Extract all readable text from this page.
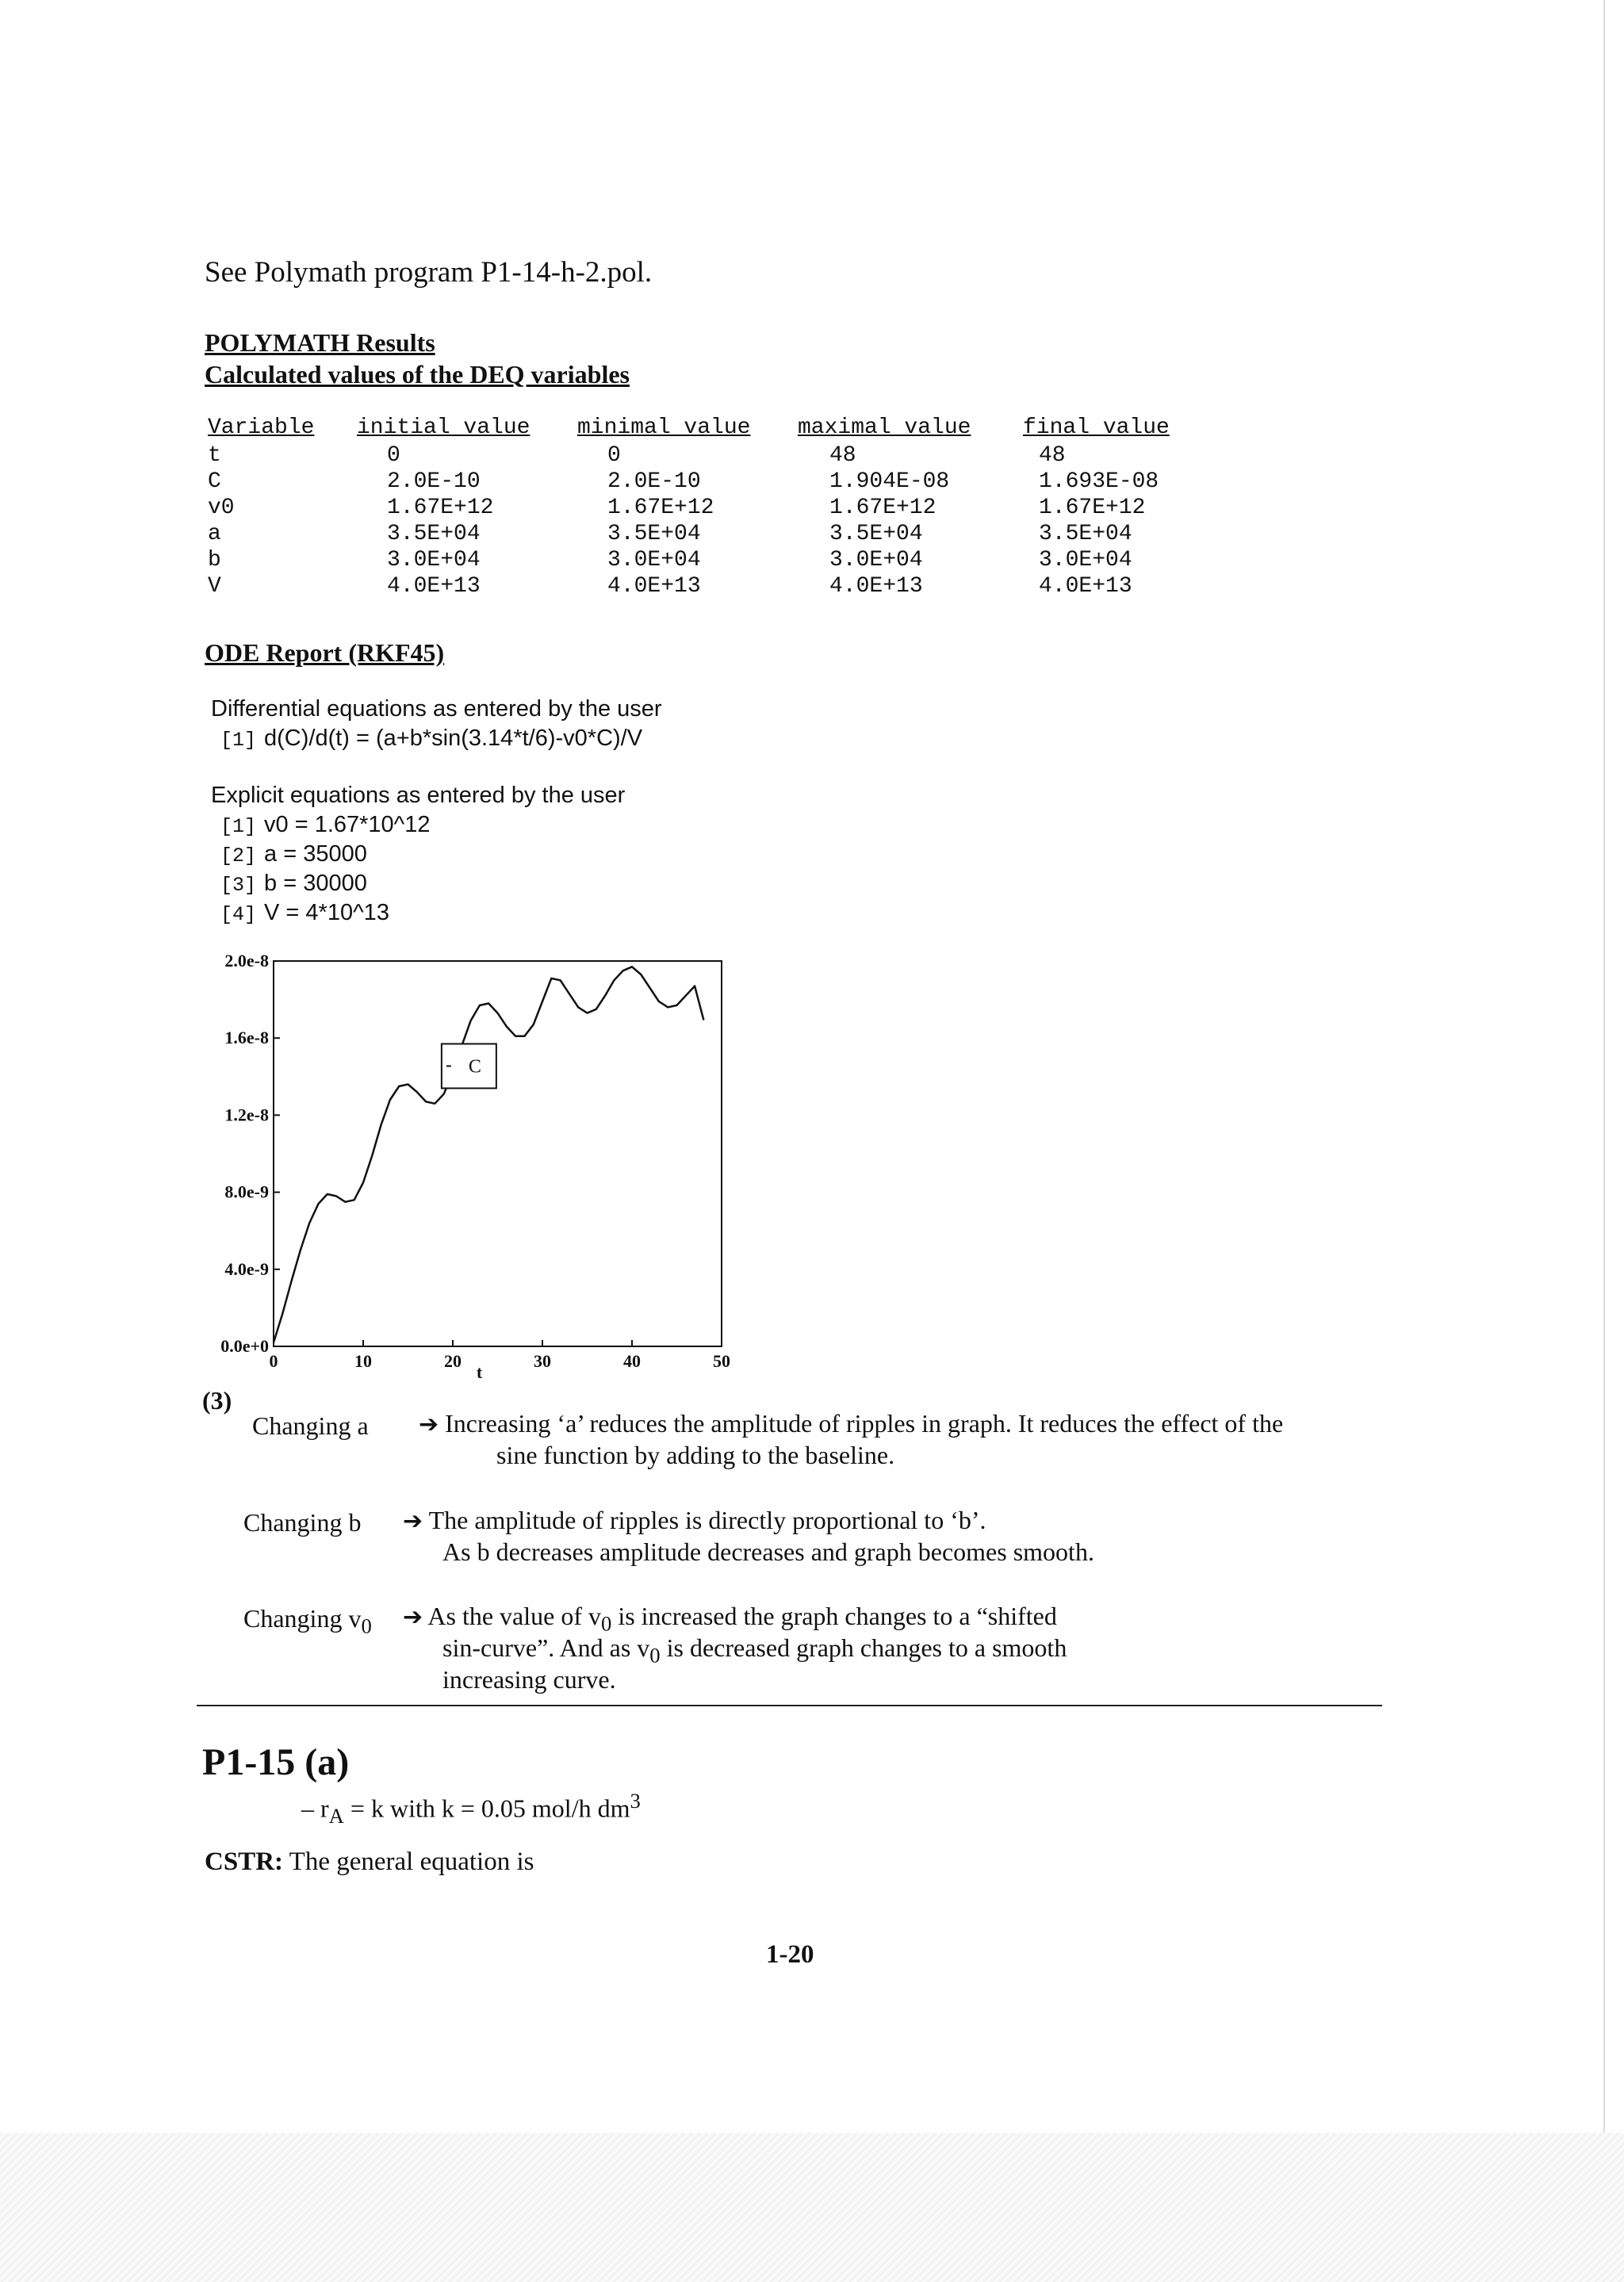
See Polymath program P1-14-h-2.pol.
POLYMATH Results
Calculated values of the DEQ variables
Variable	initial value	minimal value	maximal value	final value
t	0	0	48	48
C	2.0E-10	2.0E-10	1.904E-08	1.693E-08
v0	1.67E+12	1.67E+12	1.67E+12	1.67E+12
a	3.5E+04	3.5E+04	3.5E+04	3.5E+04
b	3.0E+04	3.0E+04	3.0E+04	3.0E+04
V	4.0E+13	4.0E+13	4.0E+13	4.0E+13
ODE Report (RKF45)
Differential equations as entered by the user
[1] d(C)/d(t) = (a+b*sin(3.14*t/6)-v0*C)/V
Explicit equations as entered by the user
[1] v0 = 1.67*10^12
[2] a = 35000
[3] b = 30000
[4] V = 4*10^13
0.0e+0
4.0e-9
8.0e-9
1.2e-8
1.6e-8
2.0e-8
0	10	20	30	40	50
t
C
(3)
Changing a ➔ Increasing ‘a’ reduces the amplitude of ripples in graph. It reduces the effect of the
sine function by adding to the baseline.
Changing b ➔ The amplitude of ripples is directly proportional to ‘b’.
As b decreases amplitude decreases and graph becomes smooth.
Changing $v_0$ ➔ As the value of $v_0$ is increased the graph changes to a “shifted
sin-curve”. And as $v_0$ is decreased graph changes to a smooth
increasing curve.
P1-15 (a)
– $r_A = k$ with k = 0.05 mol/h $dm^3$
CSTR: The general equation is
1-20
